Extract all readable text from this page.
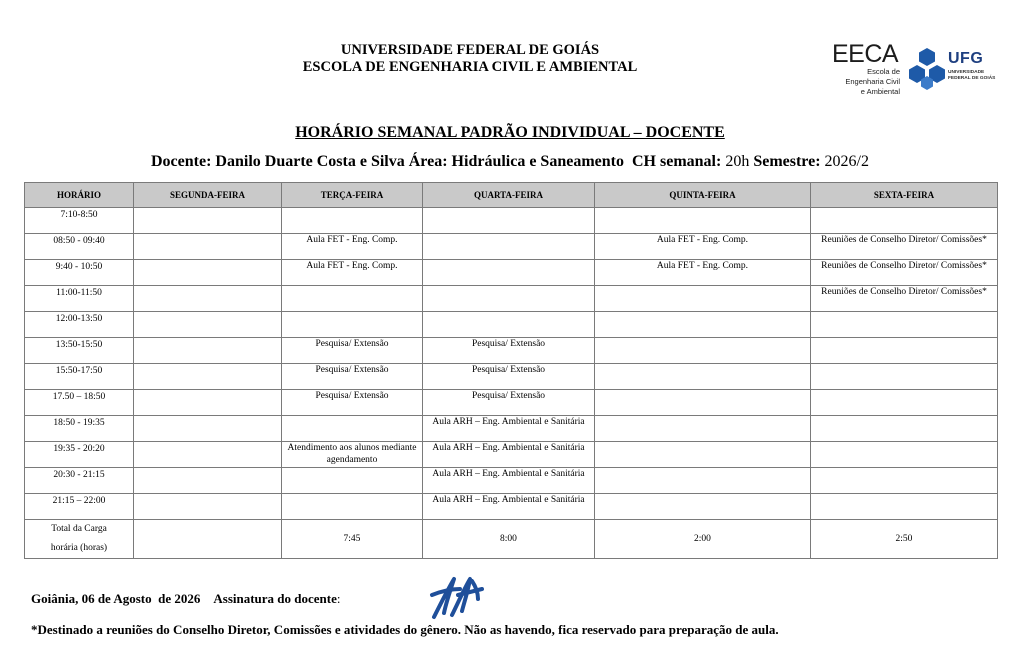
UNIVERSIDADE FEDERAL DE GOIÁS
ESCOLA DE ENGENHARIA CIVIL E AMBIENTAL	EECA
Escola de
Engenharia Civil
e Ambiental
UFG
UNIVERSIDADE
FEDERAL DE GOIÁS
HORÁRIO SEMANAL PADRÃO INDIVIDUAL – DOCENTE
Docente: Danilo Duarte Costa e Silva Área: Hidráulica e Saneamento  CH semanal: 20h Semestre: 2026/2
HORÁRIO	SEGUNDA-FEIRA	TERÇA-FEIRA	QUARTA-FEIRA	QUINTA-FEIRA	SEXTA-FEIRA
7:10-8:50					
08:50 - 09:40		Aula FET - Eng. Comp.		Aula FET - Eng. Comp.	Reuniões de Conselho Diretor/ Comissões*
9:40 - 10:50		Aula FET - Eng. Comp.		Aula FET - Eng. Comp.	Reuniões de Conselho Diretor/ Comissões*
11:00-11:50					Reuniões de Conselho Diretor/ Comissões*
12:00-13:50					
13:50-15:50		Pesquisa/ Extensão	Pesquisa/ Extensão		
15:50-17:50		Pesquisa/ Extensão	Pesquisa/ Extensão		
17.50 – 18:50		Pesquisa/ Extensão	Pesquisa/ Extensão		
18:50 - 19:35			Aula ARH – Eng. Ambiental e Sanitária		
19:35 - 20:20		Atendimento aos alunos mediante agendamento	Aula ARH – Eng. Ambiental e Sanitária		
20:30 - 21:15			Aula ARH – Eng. Ambiental e Sanitária		
21:15 – 22:00			Aula ARH – Eng. Ambiental e Sanitária		

Total da Carga
horária (horas)		7:45	8:00	2:00	2:50
Goiânia, 06 de Agosto  de 2026 Assinatura do docente:
*Destinado a reuniões do Conselho Diretor, Comissões e atividades do gênero. Não as havendo, fica reservado para preparação de aula.
